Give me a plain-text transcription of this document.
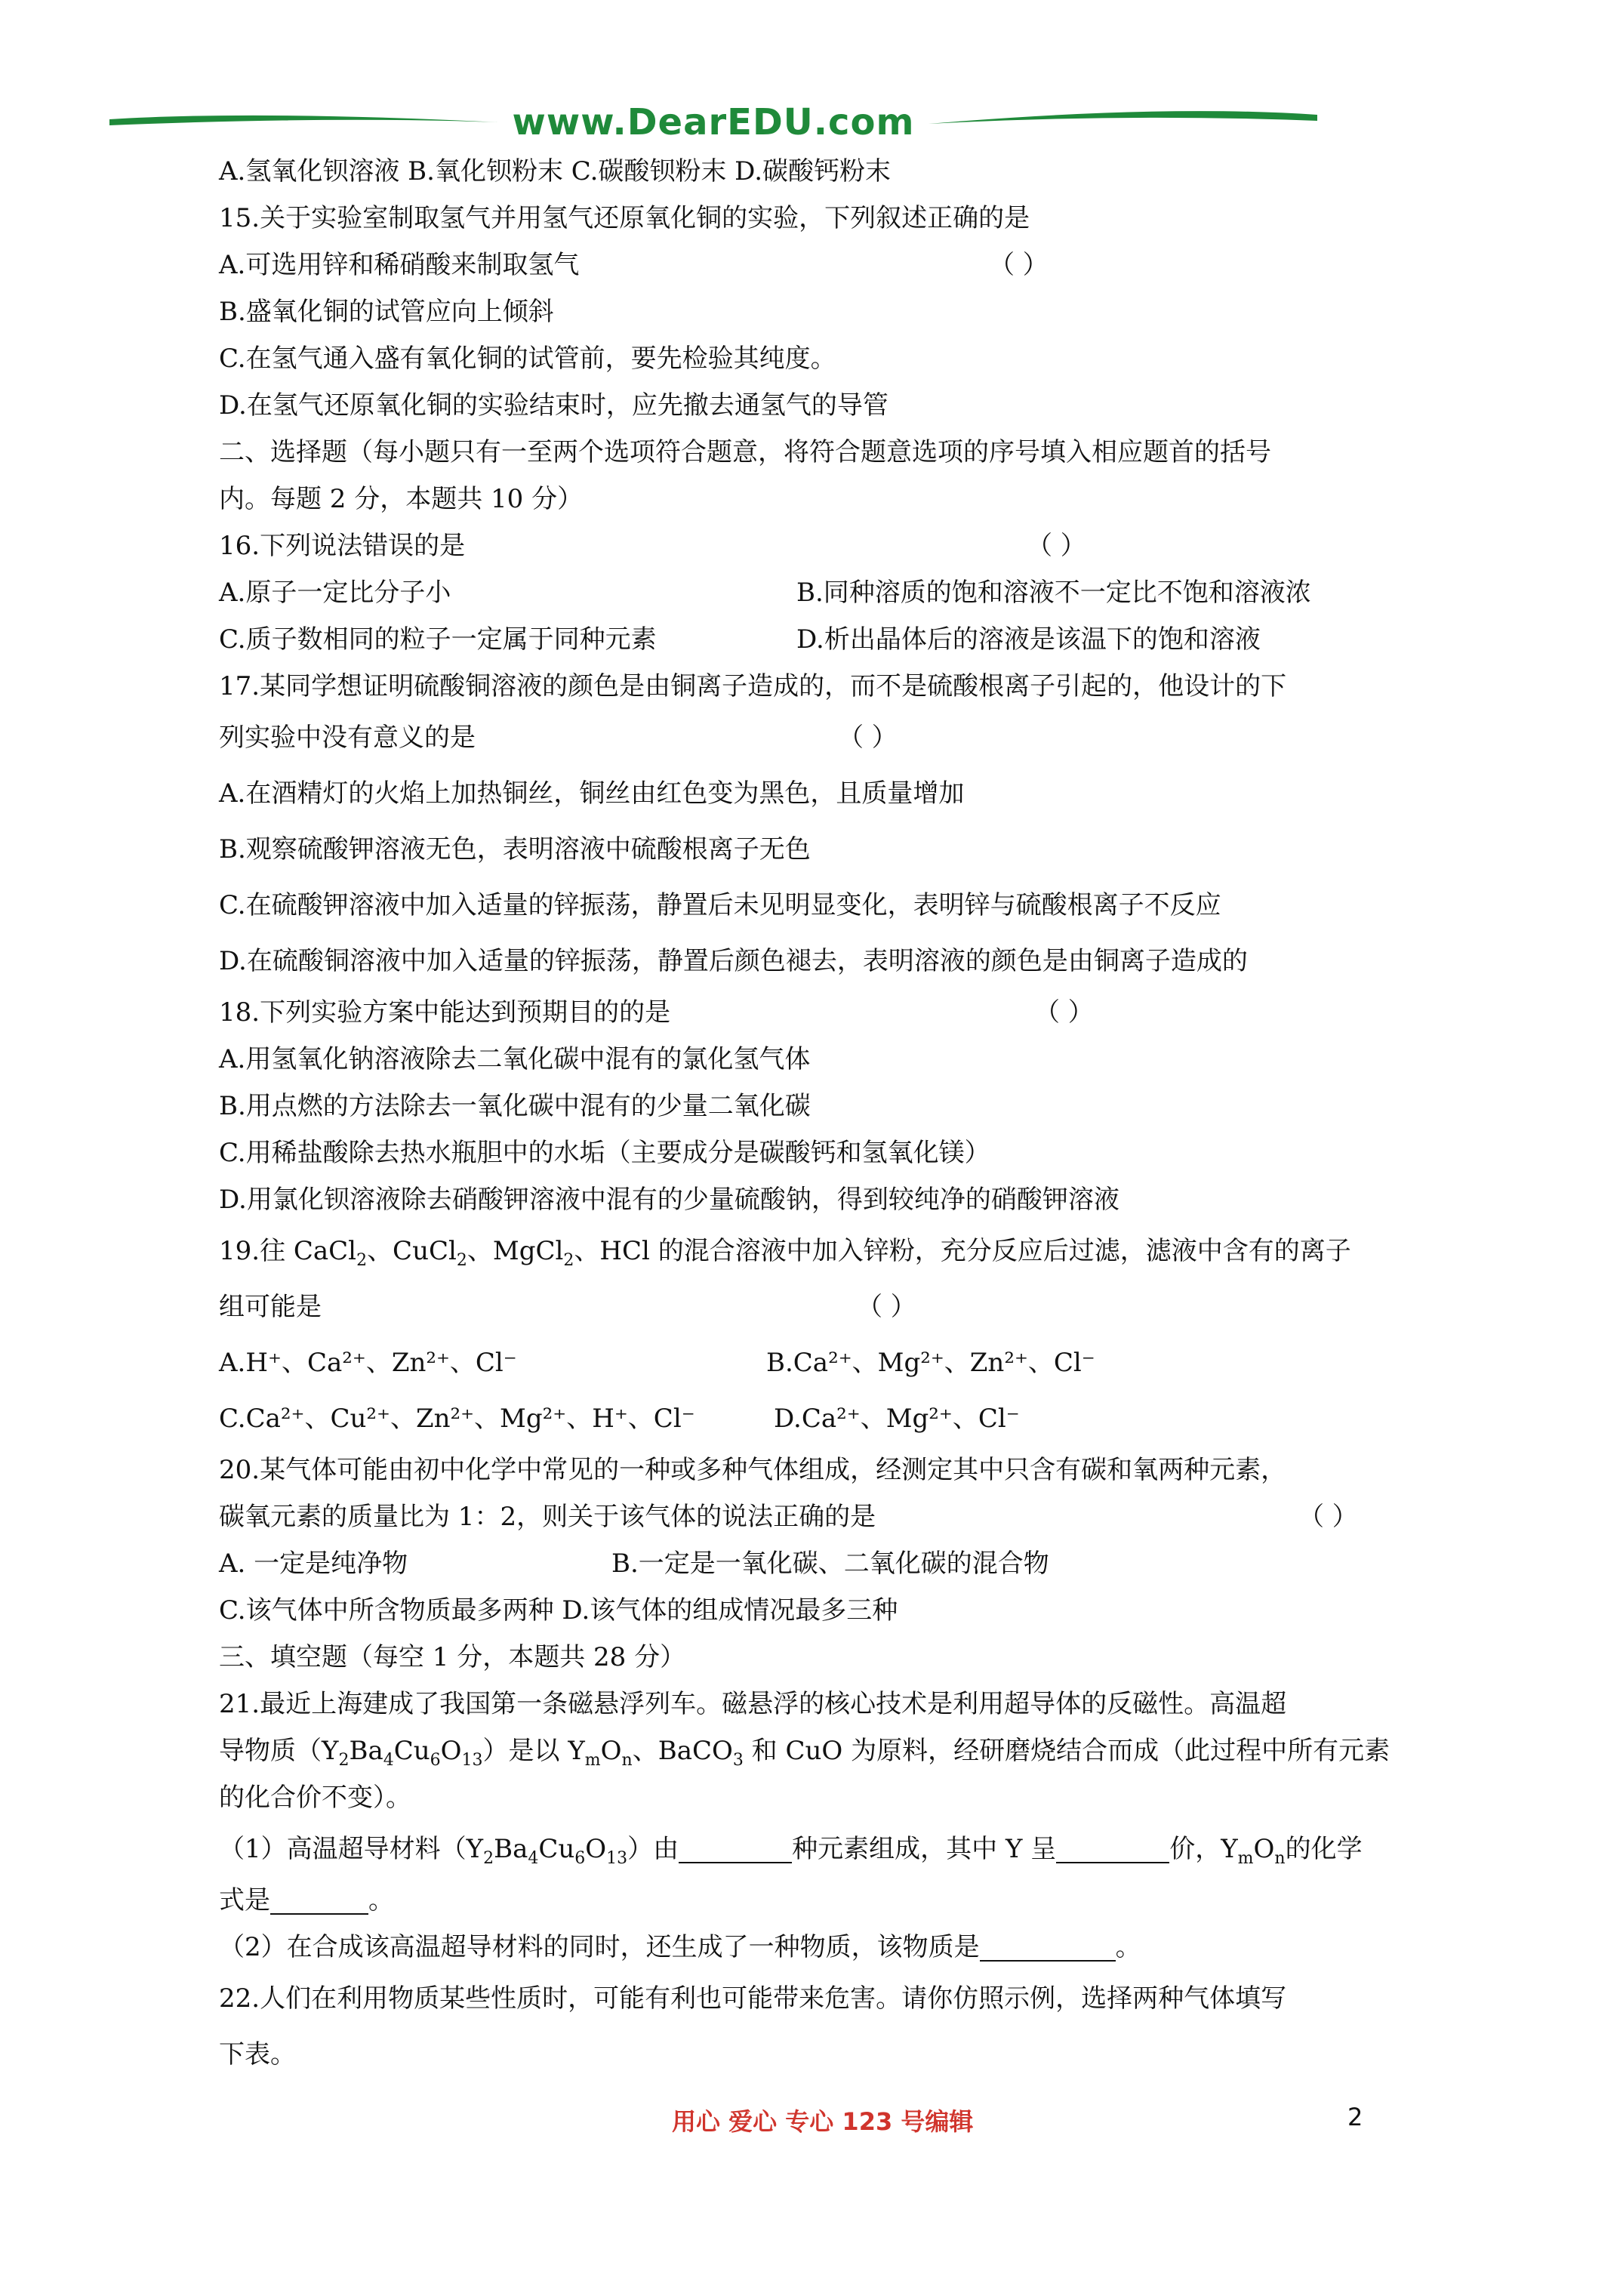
www.DearEDU.com
A.氢氧化钡溶液 B.氧化钡粉末 C.碳酸钡粉末 D.碳酸钙粉末
15.关于实验室制取氢气并用氢气还原氧化铜的实验，下列叙述正确的是
A.可选用锌和稀硝酸来制取氢气	（ ）
B.盛氧化铜的试管应向上倾斜
C.在氢气通入盛有氧化铜的试管前，要先检验其纯度。
D.在氢气还原氧化铜的实验结束时，应先撤去通氢气的导管
二、选择题（每小题只有一至两个选项符合题意，将符合题意选项的序号填入相应题首的括号
内。每题 2 分，本题共 10 分）
16.下列说法错误的是	（ ）
A.原子一定比分子小	B.同种溶质的饱和溶液不一定比不饱和溶液浓
C.质子数相同的粒子一定属于同种元素	D.析出晶体后的溶液是该温下的饱和溶液
17.某同学想证明硫酸铜溶液的颜色是由铜离子造成的，而不是硫酸根离子引起的，他设计的下
列实验中没有意义的是	（ ）
A.在酒精灯的火焰上加热铜丝，铜丝由红色变为黑色，且质量增加
B.观察硫酸钾溶液无色，表明溶液中硫酸根离子无色
C.在硫酸钾溶液中加入适量的锌振荡，静置后未见明显变化，表明锌与硫酸根离子不反应
D.在硫酸铜溶液中加入适量的锌振荡，静置后颜色褪去，表明溶液的颜色是由铜离子造成的
18.下列实验方案中能达到预期目的的是	（ ）
A.用氢氧化钠溶液除去二氧化碳中混有的氯化氢气体
B.用点燃的方法除去一氧化碳中混有的少量二氧化碳
C.用稀盐酸除去热水瓶胆中的水垢（主要成分是碳酸钙和氢氧化镁）
D.用氯化钡溶液除去硝酸钾溶液中混有的少量硫酸钠，得到较纯净的硝酸钾溶液
19.往 CaCl$_2$、CuCl$_2$、MgCl$_2$、HCl 的混合溶液中加入锌粉，充分反应后过滤，滤液中含有的离子
组可能是	（ ）
A.H⁺、Ca²⁺、Zn²⁺、Cl⁻	B.Ca²⁺、Mg²⁺、Zn²⁺、Cl⁻
C.Ca²⁺、Cu²⁺、Zn²⁺、Mg²⁺、H⁺、Cl⁻	D.Ca²⁺、Mg²⁺、Cl⁻
20.某气体可能由初中化学中常见的一种或多种气体组成，经测定其中只含有碳和氧两种元素，
碳氧元素的质量比为 1：2，则关于该气体的说法正确的是	（ ）
A. 一定是纯净物	B.一定是一氧化碳、二氧化碳的混合物
C.该气体中所含物质最多两种 D.该气体的组成情况最多三种
三、填空题（每空 1 分，本题共 28 分）
21.最近上海建成了我国第一条磁悬浮列车。磁悬浮的核心技术是利用超导体的反磁性。高温超
导物质$(Y_2Ba_4Cu_6O_{13})$是以 $Y_mO_n$、BaCO$_3$ 和 CuO 为原料，经研磨烧结合而成（此过程中所有元素
的化合价不变）。
（1）高温超导材料$(Y_2Ba_4Cu_6O_{13})$由	种元素组成，其中 Y 呈	价，$Y_mO_n$的化学
式是	。
（2）在合成该高温超导材料的同时，还生成了一种物质，该物质是	。
22.人们在利用物质某些性质时，可能有利也可能带来危害。请你仿照示例，选择两种气体填写
下表。
用心 爱心 专心 123 号编辑	2
